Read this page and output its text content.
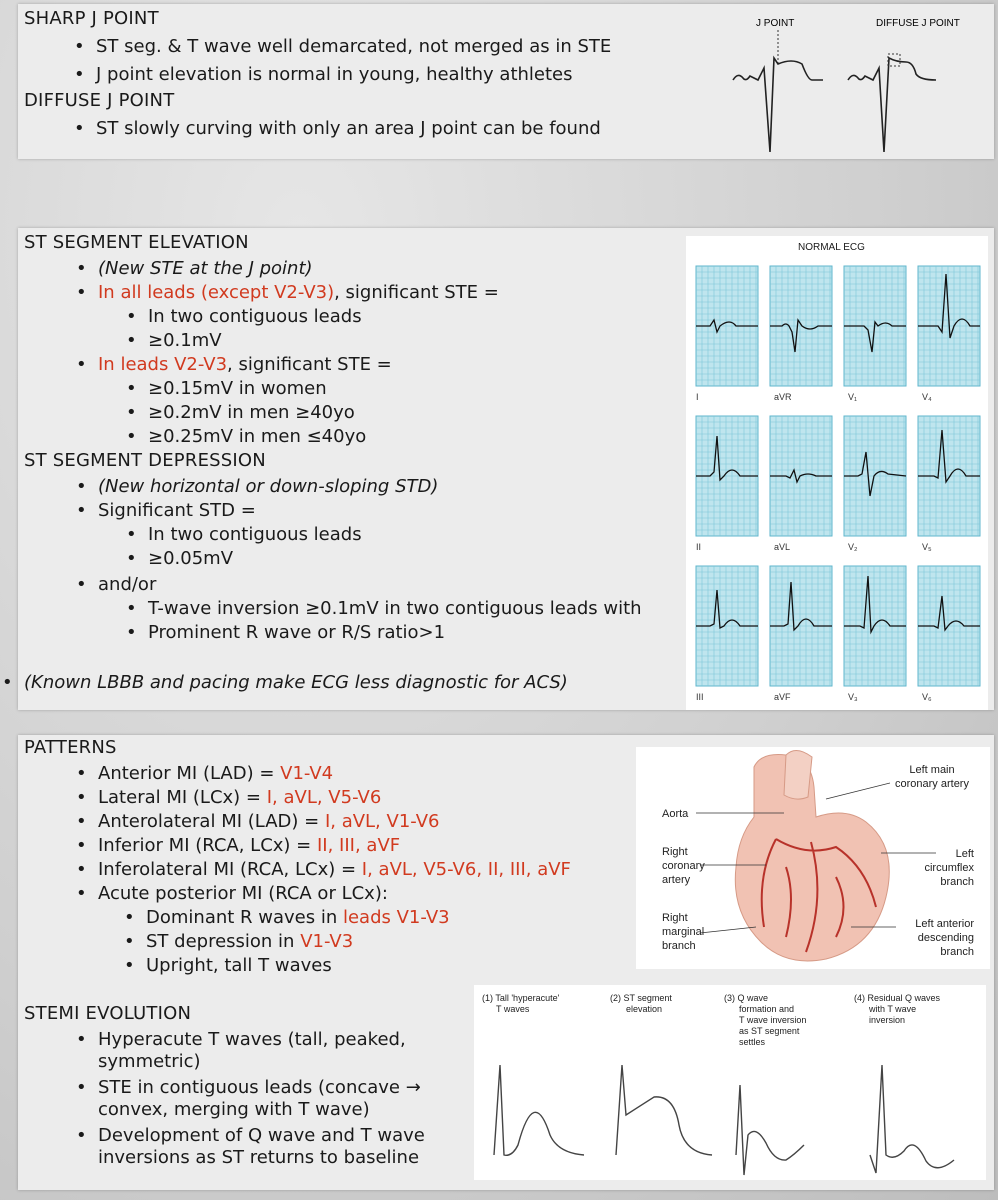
SHARP J POINT
• ST seg. & T wave well demarcated, not merged as in STE
• J point elevation is normal in young, healthy athletes
DIFFUSE J POINT
• ST slowly curving with only an area J point can be found
J POINT	DIFFUSE J POINT
ST SEGMENT ELEVATION
• (New STE at the J point)
• In all leads (except V2-V3), significant STE =
• In two contiguous leads
• ≥0.1mV
• In leads V2-V3, significant STE =
• ≥0.15mV in women
• ≥0.2mV in men ≥40yo
• ≥0.25mV in men ≤40yo
ST SEGMENT DEPRESSION
• (New horizontal or down-sloping STD)
• Significant STD =
• In two contiguous leads
• ≥0.05mV
• and/or
• T-wave inversion ≥0.1mV in two contiguous leads with
• Prominent R wave or R/S ratio>1
• (Known LBBB and pacing make ECG less diagnostic for ACS)
NORMAL ECG
I	aVR	V₁	V₄
II	aVL	V₂	V₅
III	aVF	V₃	V₆
PATTERNS
• Anterior MI (LAD) = V1-V4
• Lateral MI (LCx) = I, aVL, V5-V6
• Anterolateral MI (LAD) = I, aVL, V1-V6
• Inferior MI (RCA, LCx) = II, III, aVF
• Inferolateral MI (RCA, LCx) = I, aVL, V5-V6, II, III, aVF
• Acute posterior MI (RCA or LCx):
• Dominant R waves in leads V1-V3
• ST depression in V1-V3
• Upright, tall T waves
Left main
coronary artery
Aorta
Right
coronary
artery
Left
circumflex
branch
Right
marginal
branch
Left anterior
descending
branch
STEMI EVOLUTION
• Hyperacute T waves (tall, peaked,
symmetric)
• STE in contiguous leads (concave →
convex, merging with T wave)
• Development of Q wave and T wave
inversions as ST returns to baseline
(1) Tall 'hyperacute'
T waves
(2) ST segment
elevation
(3) Q wave
formation and
T wave inversion
as ST segment
settles
(4) Residual Q waves
with T wave
inversion
